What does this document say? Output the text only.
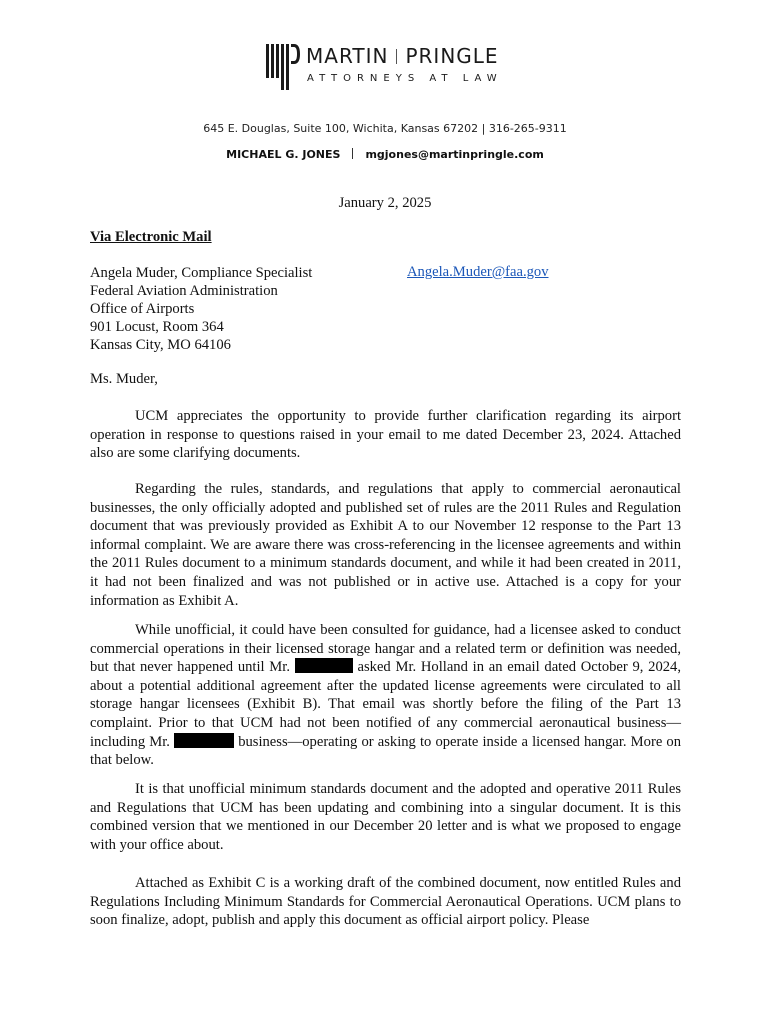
MARTIN PRINGLE
ATTORNEYS AT LAW
645 E. Douglas, Suite 100, Wichita, Kansas 67202 | 316-265-9311
MICHAEL G. JONES mgjones@martinpringle.com
January 2, 2025
Via Electronic Mail
Angela Muder, Compliance Specialist
Federal Aviation Administration
Office of Airports
901 Locust, Room 364
Kansas City, MO 64106
Angela.Muder@faa.gov
Ms. Muder,
UCM appreciates the opportunity to provide further clarification regarding its airport operation in response to questions raised in your email to me dated December 23, 2024. Attached also are some clarifying documents.
Regarding the rules, standards, and regulations that apply to commercial aeronautical businesses, the only officially adopted and published set of rules are the 2011 Rules and Regulation document that was previously provided as Exhibit A to our November 12 response to the Part 13 informal complaint. We are aware there was cross-referencing in the licensee agreements and within the 2011 Rules document to a minimum standards document, and while it had been created in 2011, it had not been finalized and was not published or in active use. Attached is a copy for your information as Exhibit A.
While unofficial, it could have been consulted for guidance, had a licensee asked to conduct commercial operations in their licensed storage hangar and a related term or definition was needed, but that never happened until Mr.	asked Mr. Holland in an email dated October 9, 2024, about a potential additional agreement after the updated license agreements were circulated to all storage hangar licensees (Exhibit B). That email was shortly before the filing of the Part 13 complaint. Prior to that UCM had not been notified of any commercial aeronautical business— including Mr.	business—operating or asking to operate inside a licensed hangar. More on that below.
It is that unofficial minimum standards document and the adopted and operative 2011 Rules and Regulations that UCM has been updating and combining into a singular document. It is this combined version that we mentioned in our December 20 letter and is what we proposed to engage with your office about.
Attached as Exhibit C is a working draft of the combined document, now entitled Rules and Regulations Including Minimum Standards for Commercial Aeronautical Operations. UCM plans to soon finalize, adopt, publish and apply this document as official airport policy. Please
